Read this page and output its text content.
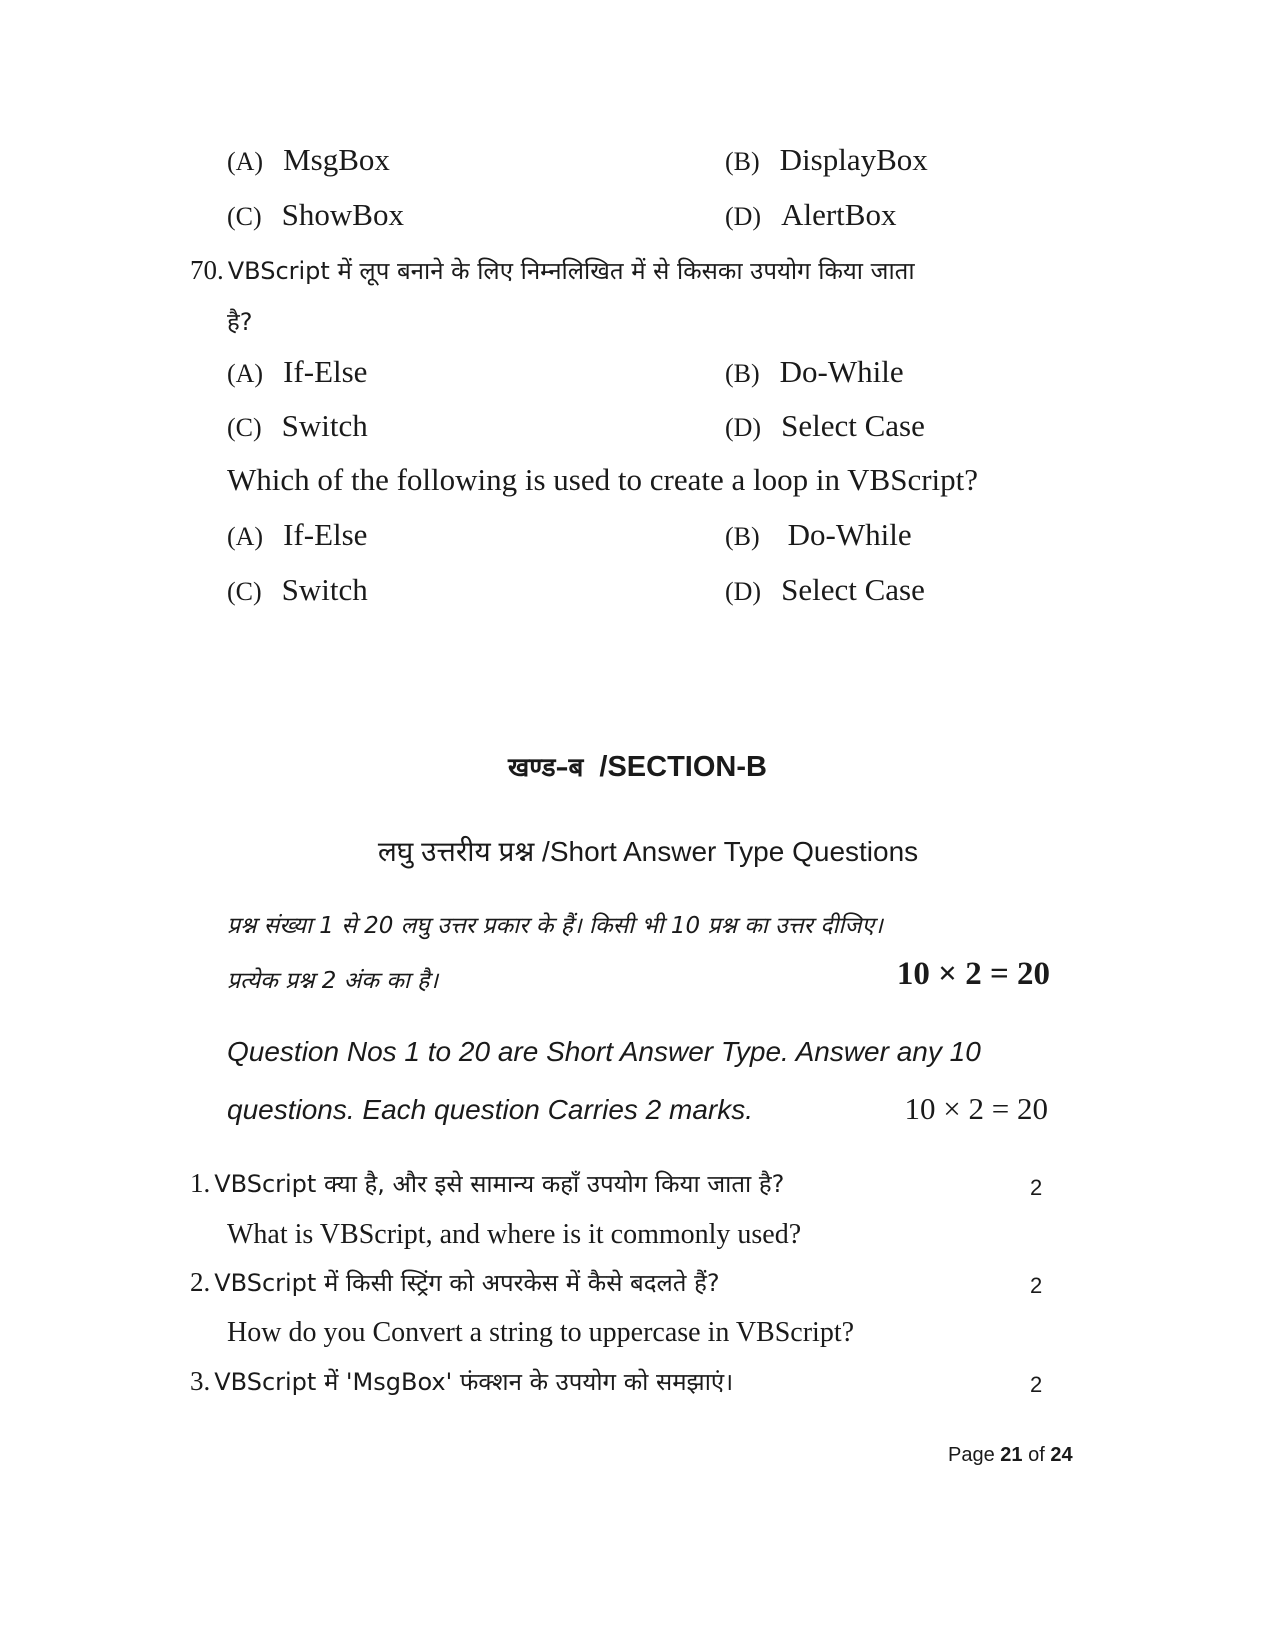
(A) MsgBox	(B) DisplayBox
(C) ShowBox	(D) AlertBox
70. VBScript में लूप बनाने के लिए निम्नलिखित में से किसका उपयोग किया जाता
है?
(A) If-Else	(B) Do-While
(C) Switch	(D) Select Case
Which of the following is used to create a loop in VBScript?
(A) If-Else	(B) Do-While
(C) Switch	(D) Select Case
खण्ड–ब /SECTION-B
लघु उत्तरीय प्रश्न /Short Answer Type Questions
प्रश्न संख्या 1 से 20 लघु उत्तर प्रकार के हैं। किसी भी 10 प्रश्न का उत्तर दीजिए।
प्रत्येक प्रश्न 2 अंक का है।	10 × 2 = 20
Question Nos 1 to 20 are Short Answer Type. Answer any 10
questions. Each question Carries 2 marks.	10 × 2 = 20
1. VBScript क्या है, और इसे सामान्य कहाँ उपयोग किया जाता है?	2
What is VBScript, and where is it commonly used?
2. VBScript में किसी स्ट्रिंग को अपरकेस में कैसे बदलते हैं?	2
How do you Convert a string to uppercase in VBScript?
3. VBScript में 'MsgBox' फंक्शन के उपयोग को समझाएं।	2
Page 21 of 24
